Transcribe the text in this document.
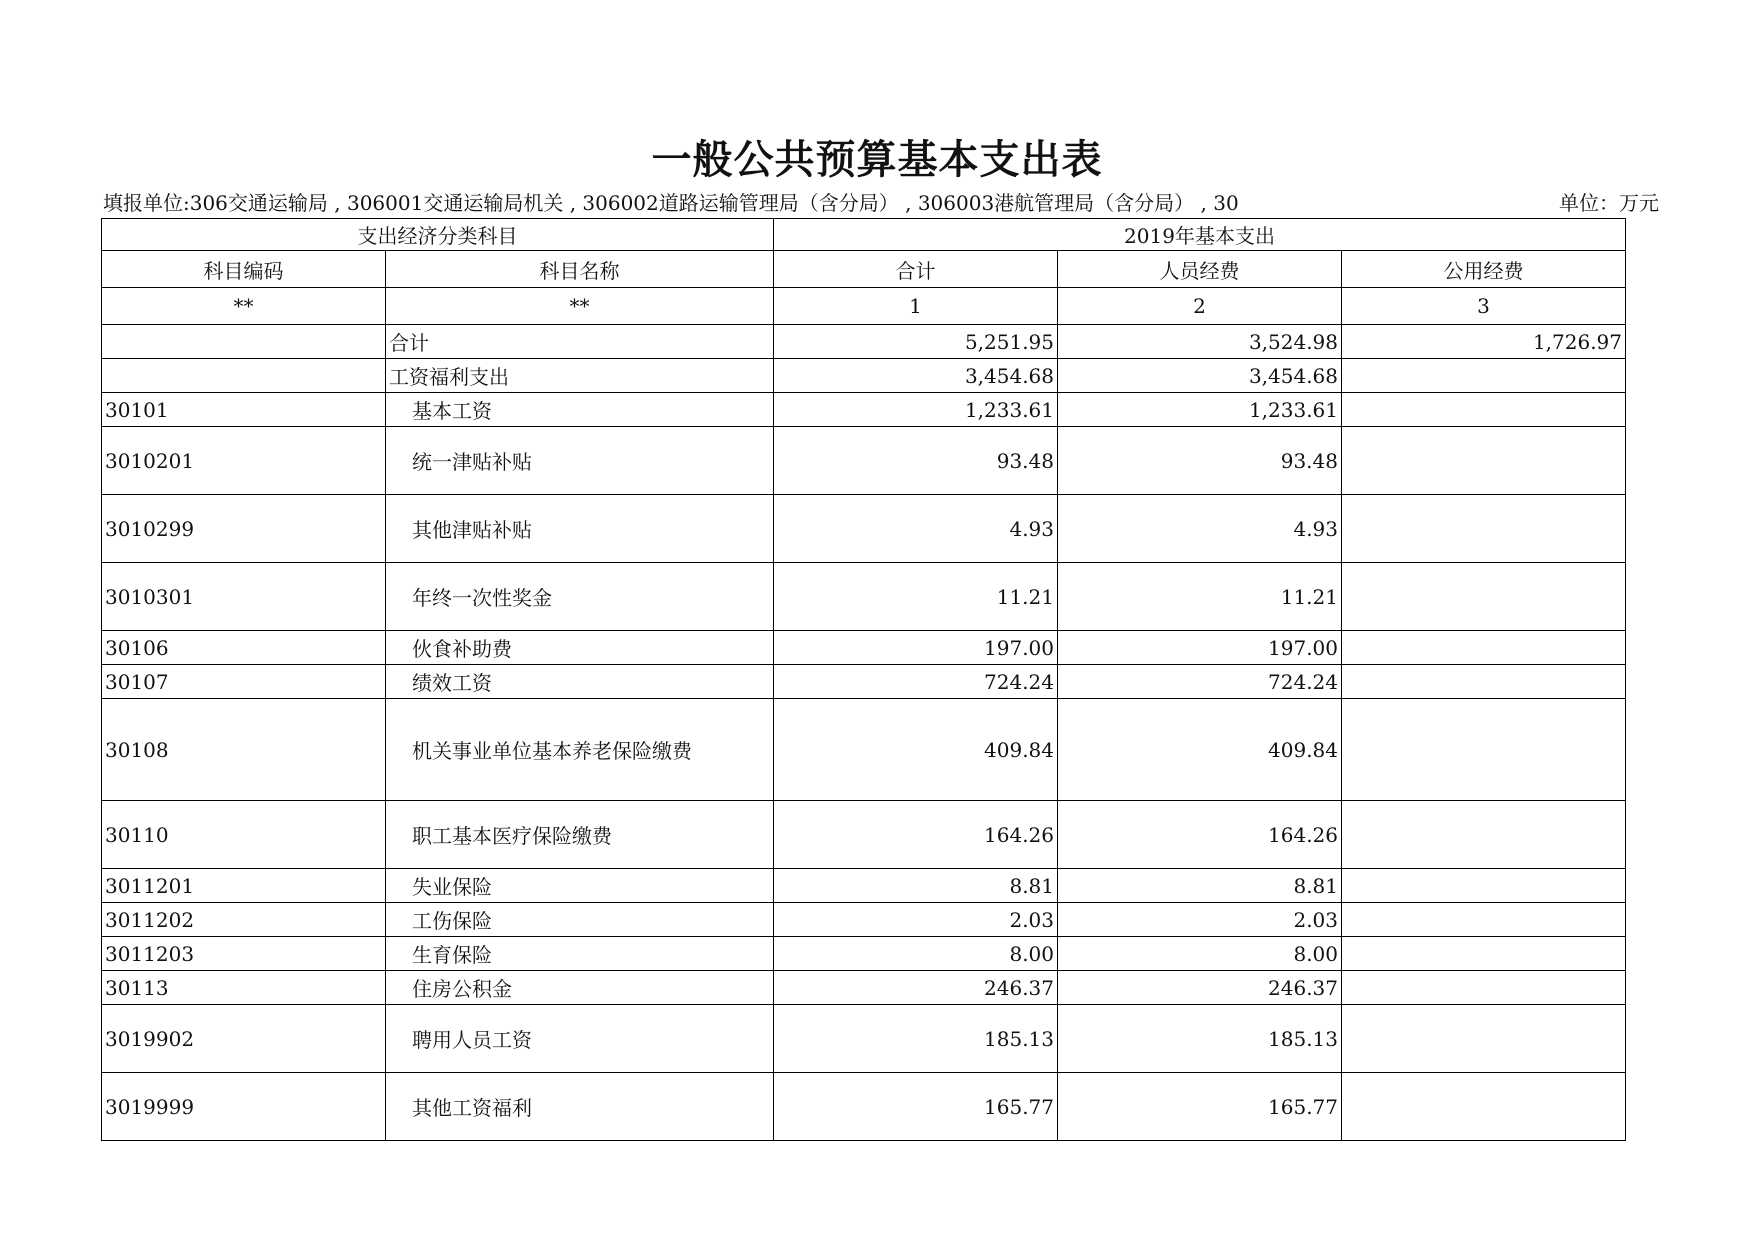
一般公共预算基本支出表
填报单位:306交通运输局 , 306001交通运输局机关 , 306002道路运输管理局（含分局） , 306003港航管理局（含分局） , 30	单位：万元
支出经济分类科目		2019年基本支出		
科目编码	科目名称	合计	人员经费	公用经费
**	**	1	2	3
	合计	5,251.95	3,524.98	1,726.97
	工资福利支出	3,454.68	3,454.68	
30101	基本工资	1,233.61	1,233.61	
3010201	统一津贴补贴	93.48	93.48	
3010299	其他津贴补贴	4.93	4.93	
3010301	年终一次性奖金	11.21	11.21	
30106	伙食补助费	197.00	197.00	
30107	绩效工资	724.24	724.24	
30108	机关事业单位基本养老保险缴费	409.84	409.84	
30110	职工基本医疗保险缴费	164.26	164.26	
3011201	失业保险	8.81	8.81	
3011202	工伤保险	2.03	2.03	
3011203	生育保险	8.00	8.00	
30113	住房公积金	246.37	246.37	
3019902	聘用人员工资	185.13	185.13	
3019999	其他工资福利	165.77	165.77	
